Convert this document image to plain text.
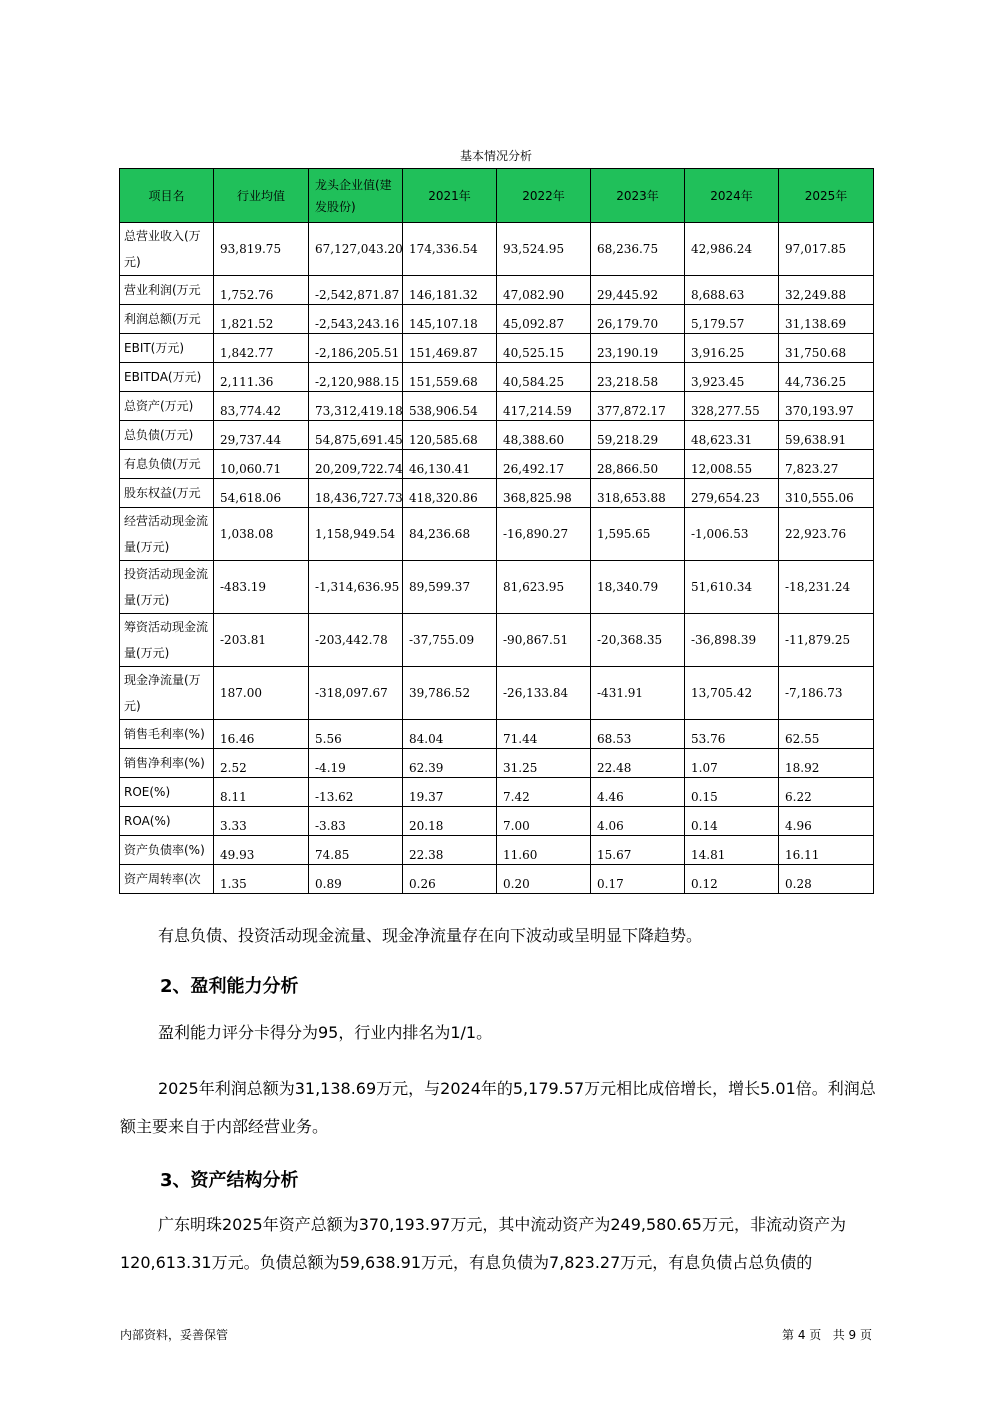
基本情况分析
项目名	行业均值	龙头企业值(建发股份)	2021年	2022年	2023年	2024年	2025年
总营业收入(万元)	93,819.75	67,127,043.20	174,336.54	93,524.95	68,236.75	42,986.24	97,017.85
营业利润(万元	1,752.76	-2,542,871.87	146,181.32	47,082.90	29,445.92	8,688.63	32,249.88
利润总额(万元	1,821.52	-2,543,243.16	145,107.18	45,092.87	26,179.70	5,179.57	31,138.69
EBIT(万元)	1,842.77	-2,186,205.51	151,469.87	40,525.15	23,190.19	3,916.25	31,750.68
EBITDA(万元)	2,111.36	-2,120,988.15	151,559.68	40,584.25	23,218.58	3,923.45	44,736.25
总资产(万元)	83,774.42	73,312,419.18	538,906.54	417,214.59	377,872.17	328,277.55	370,193.97
总负债(万元)	29,737.44	54,875,691.45	120,585.68	48,388.60	59,218.29	48,623.31	59,638.91
有息负债(万元	10,060.71	20,209,722.74	46,130.41	26,492.17	28,866.50	12,008.55	7,823.27
股东权益(万元	54,618.06	18,436,727.73	418,320.86	368,825.98	318,653.88	279,654.23	310,555.06
经营活动现金流量(万元)	1,038.08	1,158,949.54	84,236.68	-16,890.27	1,595.65	-1,006.53	22,923.76
投资活动现金流量(万元)	-483.19	-1,314,636.95	89,599.37	81,623.95	18,340.79	51,610.34	-18,231.24
筹资活动现金流量(万元)	-203.81	-203,442.78	-37,755.09	-90,867.51	-20,368.35	-36,898.39	-11,879.25
现金净流量(万元)	187.00	-318,097.67	39,786.52	-26,133.84	-431.91	13,705.42	-7,186.73
销售毛利率(%)	16.46	5.56	84.04	71.44	68.53	53.76	62.55
销售净利率(%)	2.52	-4.19	62.39	31.25	22.48	1.07	18.92
ROE(%)	8.11	-13.62	19.37	7.42	4.46	0.15	6.22
ROA(%)	3.33	-3.83	20.18	7.00	4.06	0.14	4.96
资产负债率(%)	49.93	74.85	22.38	11.60	15.67	14.81	16.11
资产周转率(次	1.35	0.89	0.26	0.20	0.17	0.12	0.28

有息负债、投资活动现金流量、现金净流量存在向下波动或呈明显下降趋势。

2、盈利能力分析

盈利能力评分卡得分为95，行业内排名为1/1。

2025年利润总额为31,138.69万元，与2024年的5,179.57万元相比成倍增长，增长5.01倍。利润总额主要来自于内部经营业务。

3、资产结构分析

广东明珠2025年资产总额为370,193.97万元，其中流动资产为249,580.65万元，非流动资产为120,613.31万元。负债总额为59,638.91万元，有息负债为7,823.27万元，有息负债占总负债的

内部资料，妥善保管	第 4 页   共 9 页
